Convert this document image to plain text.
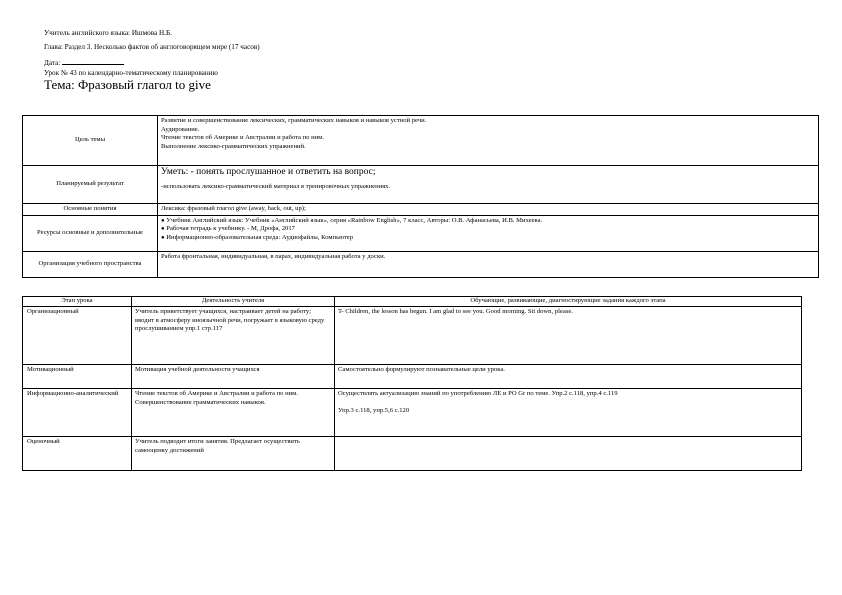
Учитель английского языка: Ишмова Н.Б.
Глава: Раздел 3. Несколько фактов об англоговорящем мире (17 часов)
Дата:
Урок № 43 по календарно-тематическому планированию
Тема: Фразовый глагол to give
Цель темы	Развитие и совершенствование лексических, грамматических навыков и навыков устной речи.
Аудирование.
Чтение текстов об Америке и Австралии и работа по ним.
Выполнение лексико-грамматических упражнений.

Планируемый результат	Уметь: - понять прослушанное и ответить на вопрос;
-использовать лексико-грамматический материал в тренировочных упражнениях.

Основные понятия	Лексика: фразовый глагол give (away, back, out, up);
Ресурсы основные и дополнительные	● Учебник Английский язык: Учебник «Английский язык», серия «Rainbow English», 7 класс, Авторы: О.В. Афанасьева, И.В. Михеева.
● Рабочая тетрадь к учебнику. - М, Дрофа, 2017
● Информационно-образовательная среда: Аудиофайлы, Компьютер

Организация учебного пространства	Работа фронтальная, индивидуальная, в парах, индивидуальная работа у доски.
Этап урока	Деятельность учителя	Обучающие, развивающие, диагностирующие задания каждого этапа
Организационный	Учитель приветствует учащихся, настраивает детей на работу; вводит в атмосферу иноязычной речи, погружает в языковую среду прослушиванием упр.1 стр.117	T- Children, the lesson has begun. I am glad to see you. Good morning. Sit down, please.

Мотивационный	Мотивация учебной деятельности учащихся	Самостоятельно формулируют познавательные цели урока.

Информационно-аналитический	Чтение текстов об Америке и Австралии и работа по ним. Совершенствование грамматических навыков.	Осуществлять актуализацию знаний по употреблению ЛЕ и РО Gr по теме. Упр.2 с.118, упр.4 с.119
Упр.3 с.118, упр.5,6 с.120

Оценочный	Учитель подводит итоги занятия. Предлагает осуществить самооценку достижений	
